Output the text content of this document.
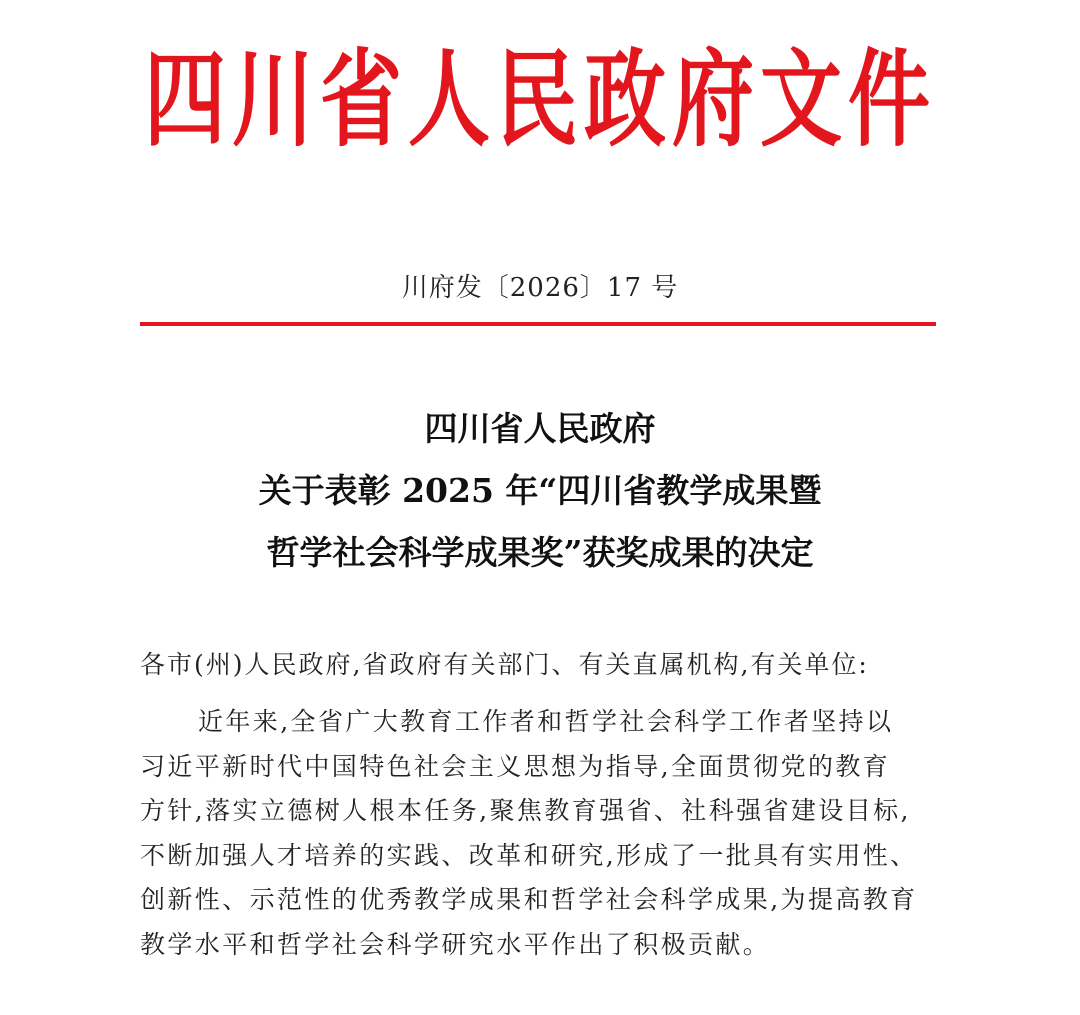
四川省人民政府文件
川府发〔2026〕17 号
四川省人民政府
关于表彰 2025 年“四川省教学成果暨
哲学社会科学成果奖”获奖成果的决定
各市(州)人民政府,省政府有关部门、有关直属机构,有关单位:
近年来,全省广大教育工作者和哲学社会科学工作者坚持以
习近平新时代中国特色社会主义思想为指导,全面贯彻党的教育
方针,落实立德树人根本任务,聚焦教育强省、社科强省建设目标,
不断加强人才培养的实践、改革和研究,形成了一批具有实用性、
创新性、示范性的优秀教学成果和哲学社会科学成果,为提高教育
教学水平和哲学社会科学研究水平作出了积极贡献。
